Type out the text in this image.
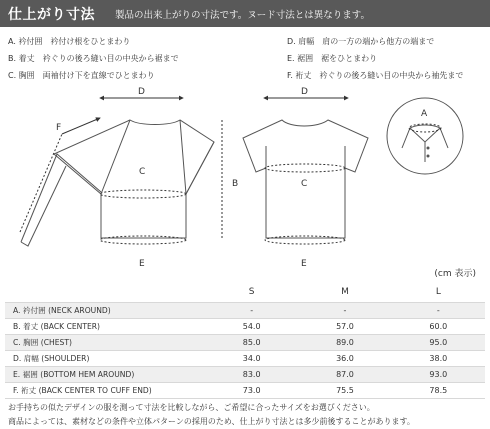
仕上がり寸法 製品の出来上がりの寸法です。ヌード寸法とは異なります。
A. 衿付囲 衿付け根をひとまわり
B. 着丈 衿ぐりの後ろ縫い目の中央から裾まで
C. 胸囲 両袖付け下を直線でひとまわり
D. 肩幅 肩の一方の端から他方の端まで
E. 裾囲 裾をひとまわり
F. 裄丈 衿ぐりの後ろ縫い目の中央から袖先まで
D
F
C
E
B
D
C
E
A
(cm 表示)
	S	M	L
A. 衿付囲 (NECK AROUND)	-	-	-
B. 着丈 (BACK CENTER)	54.0	57.0	60.0
C. 胸囲 (CHEST)	85.0	89.0	95.0
D. 肩幅 (SHOULDER)	34.0	36.0	38.0
E. 裾囲 (BOTTOM HEM AROUND)	83.0	87.0	93.0
F. 裄丈 (BACK CENTER TO CUFF END)	73.0	75.5	78.5
お手持ちの似たデザインの服を測って寸法を比較しながら、ご希望に合ったサイズをお選びください。
商品によっては、素材などの条件や立体パターンの採用のため、仕上がり寸法とは多少前後することがあります。
